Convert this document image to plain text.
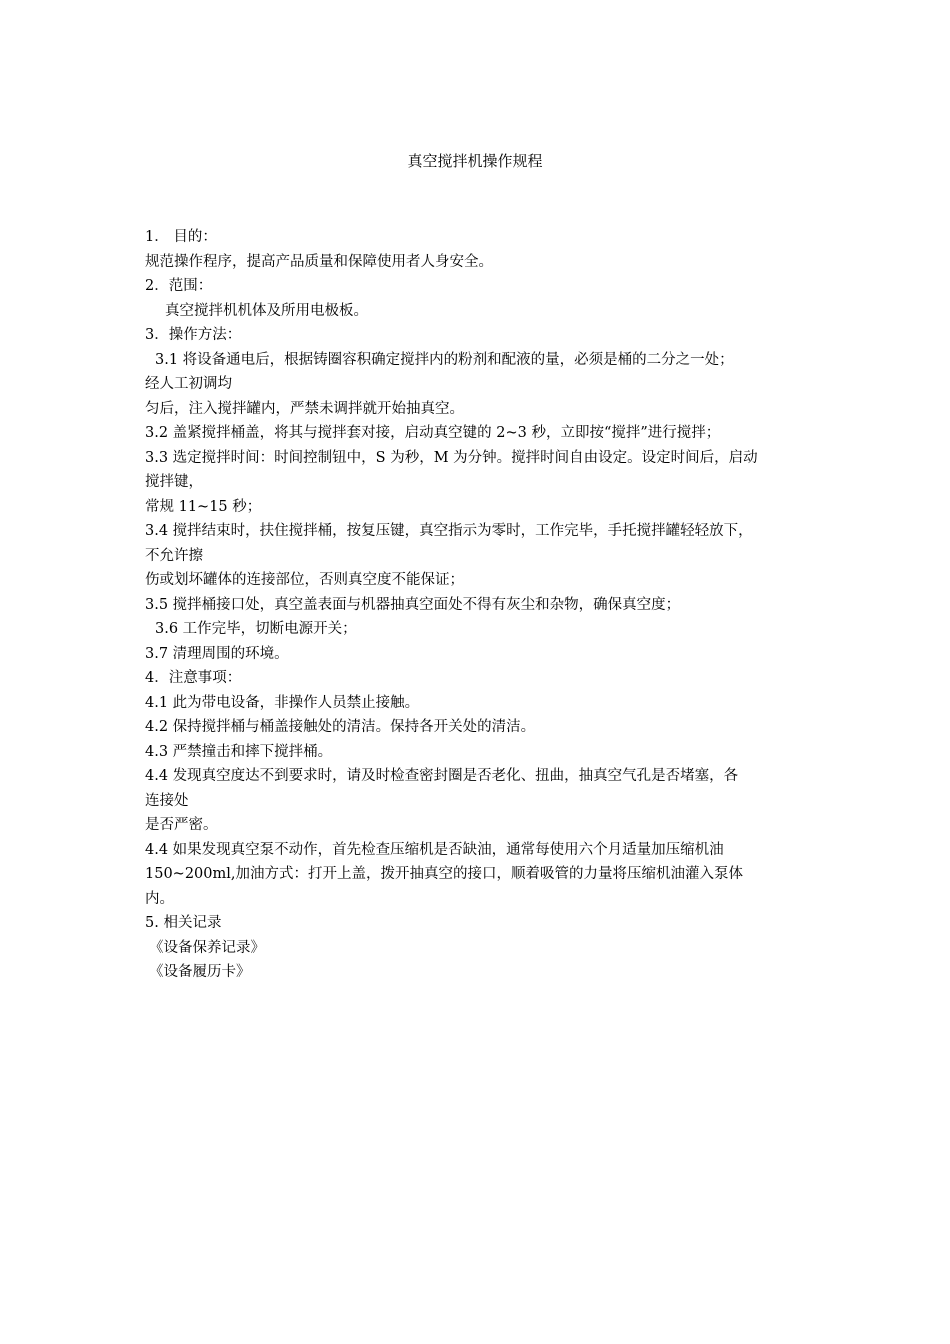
真空搅拌机操作规程
1． 目的：
规范操作程序，提高产品质量和保障使用者人身安全。
2．范围：
真空搅拌机机体及所用电极板。
3．操作方法：
3.1 将设备通电后，根据铸圈容积确定搅拌内的粉剂和配液的量，必须是桶的二分之一处；
经人工初调均
匀后，注入搅拌罐内，严禁未调拌就开始抽真空。
3.2 盖紧搅拌桶盖，将其与搅拌套对接，启动真空键的 2~3 秒，立即按“搅拌”进行搅拌；
3.3 选定搅拌时间：时间控制钮中，S 为秒，M 为分钟。搅拌时间自由设定。设定时间后，启动
搅拌键，
常规 11~15 秒；
3.4 搅拌结束时，扶住搅拌桶，按复压键，真空指示为零时，工作完毕，手托搅拌罐轻轻放下，
不允许擦
伤或划坏罐体的连接部位，否则真空度不能保证；
3.5 搅拌桶接口处，真空盖表面与机器抽真空面处不得有灰尘和杂物，确保真空度；
3.6 工作完毕，切断电源开关；
3.7 清理周围的环境。
4．注意事项：
4.1 此为带电设备，非操作人员禁止接触。
4.2 保持搅拌桶与桶盖接触处的清洁。保持各开关处的清洁。
4.3 严禁撞击和摔下搅拌桶。
4.4 发现真空度达不到要求时，请及时检查密封圈是否老化、扭曲，抽真空气孔是否堵塞，各
连接处
是否严密。
4.4 如果发现真空泵不动作，首先检查压缩机是否缺油，通常每使用六个月适量加压缩机油
150~200ml,加油方式：打开上盖，拨开抽真空的接口，顺着吸管的力量将压缩机油灌入泵体
内。
5. 相关记录
《设备保养记录》
《设备履历卡》
